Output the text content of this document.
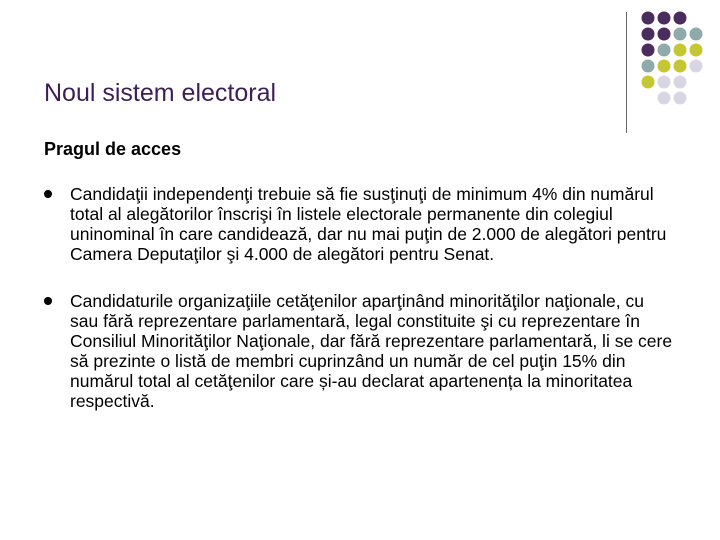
Noul sistem electoral
Pragul de acces
Candidaţii independenţi trebuie să fie susţinuţi de minimum 4% din numărul total al alegătorilor înscrişi în listele electorale permanente din colegiul uninominal în care candidează, dar nu mai puţin de 2.000 de alegători pentru Camera Deputaţilor şi 4.000 de alegători pentru Senat.
Candidaturile organizaţiile cetăţenilor aparţinând minorităţilor naţionale, cu sau fără reprezentare parlamentară, legal constituite şi cu reprezentare în Consiliul Minorităţilor Naţionale, dar fără reprezentare parlamentară, li se cere să prezinte o listă de membri cuprinzând un număr de cel puţin 15% din numărul total al cetăţenilor care și-au declarat apartenența la minoritatea respectivă.
